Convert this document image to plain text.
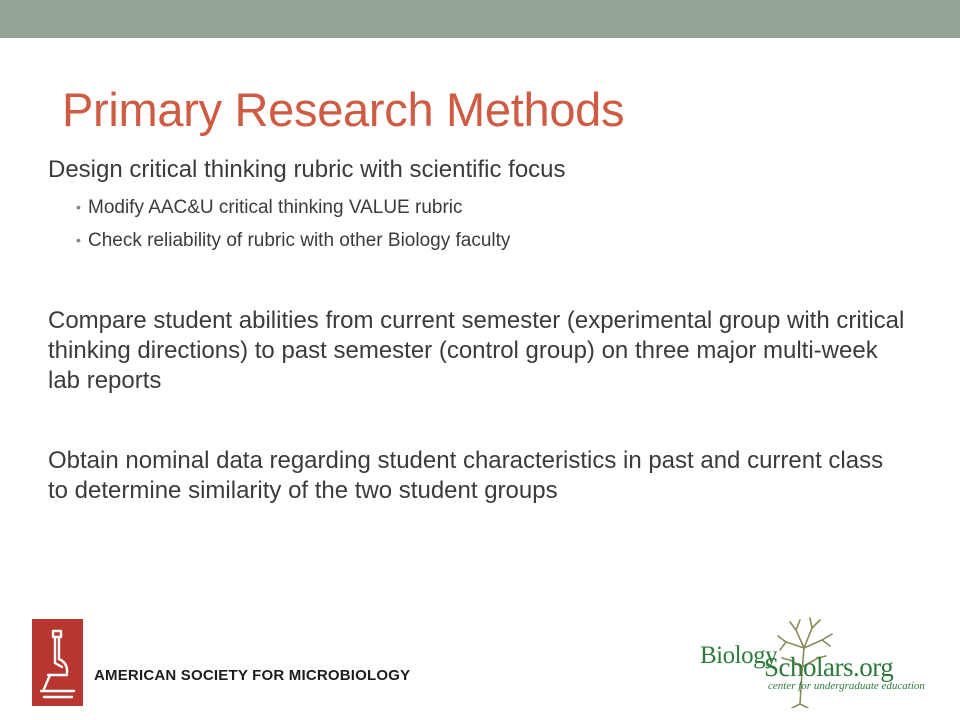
Primary Research Methods

Design critical thinking rubric with scientific focus

• Modify AAC&U critical thinking VALUE rubric
• Check reliability of rubric with other Biology faculty

Compare student abilities from current semester (experimental group with critical thinking directions) to past semester (control group) on three major multi-week lab reports

Obtain nominal data regarding student characteristics in past and current class to determine similarity of the two student groups

AMERICAN SOCIETY FOR MICROBIOLOGY
Biology
Scholars.org
center for undergraduate education
